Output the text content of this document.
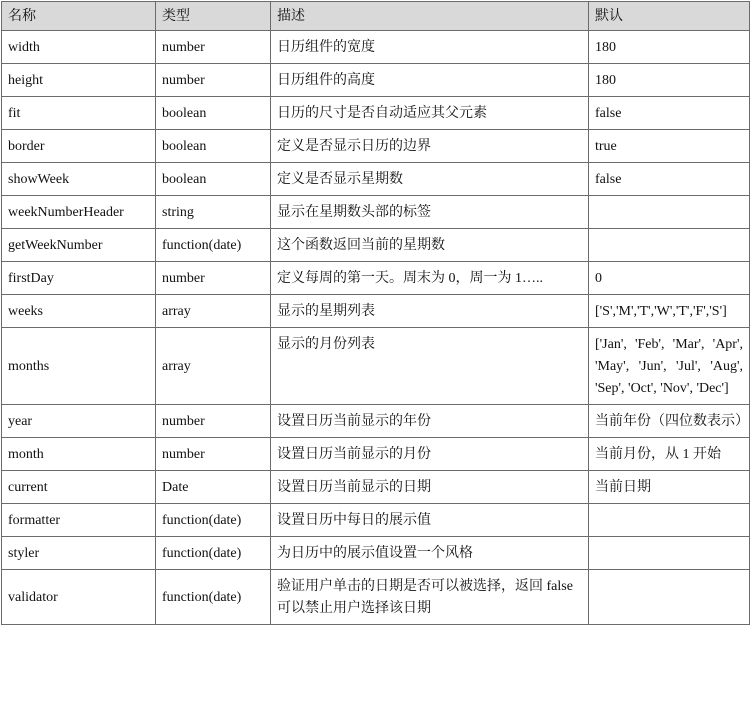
名称	类型	描述	默认
width	number	日历组件的宽度	180
height	number	日历组件的高度	180
fit	boolean	日历的尺寸是否自动适应其父元素	false
border	boolean	定义是否显示日历的边界	true
showWeek	boolean	定义是否显示星期数	false
weekNumberHeader	string	显示在星期数头部的标签	
getWeekNumber	function(date)	这个函数返回当前的星期数	
firstDay	number	定义每周的第一天。周末为 0，周一为 1…..	0
weeks	array	显示的星期列表	['S','M','T','W','T','F','S']
months	array	显示的月份列表	['Jan', 'Feb', 'Mar', 'Apr', 'May', 'Jun', 'Jul', 'Aug', 'Sep', 'Oct', 'Nov', 'Dec']
year	number	设置日历当前显示的年份	当前年份（四位数表示）
month	number	设置日历当前显示的月份	当前月份，从 1 开始
current	Date	设置日历当前显示的日期	当前日期
formatter	function(date)	设置日历中每日的展示值	
styler	function(date)	为日历中的展示值设置一个风格	
validator	function(date)	验证用户单击的日期是否可以被选择，返回 false 可以禁止用户选择该日期	
